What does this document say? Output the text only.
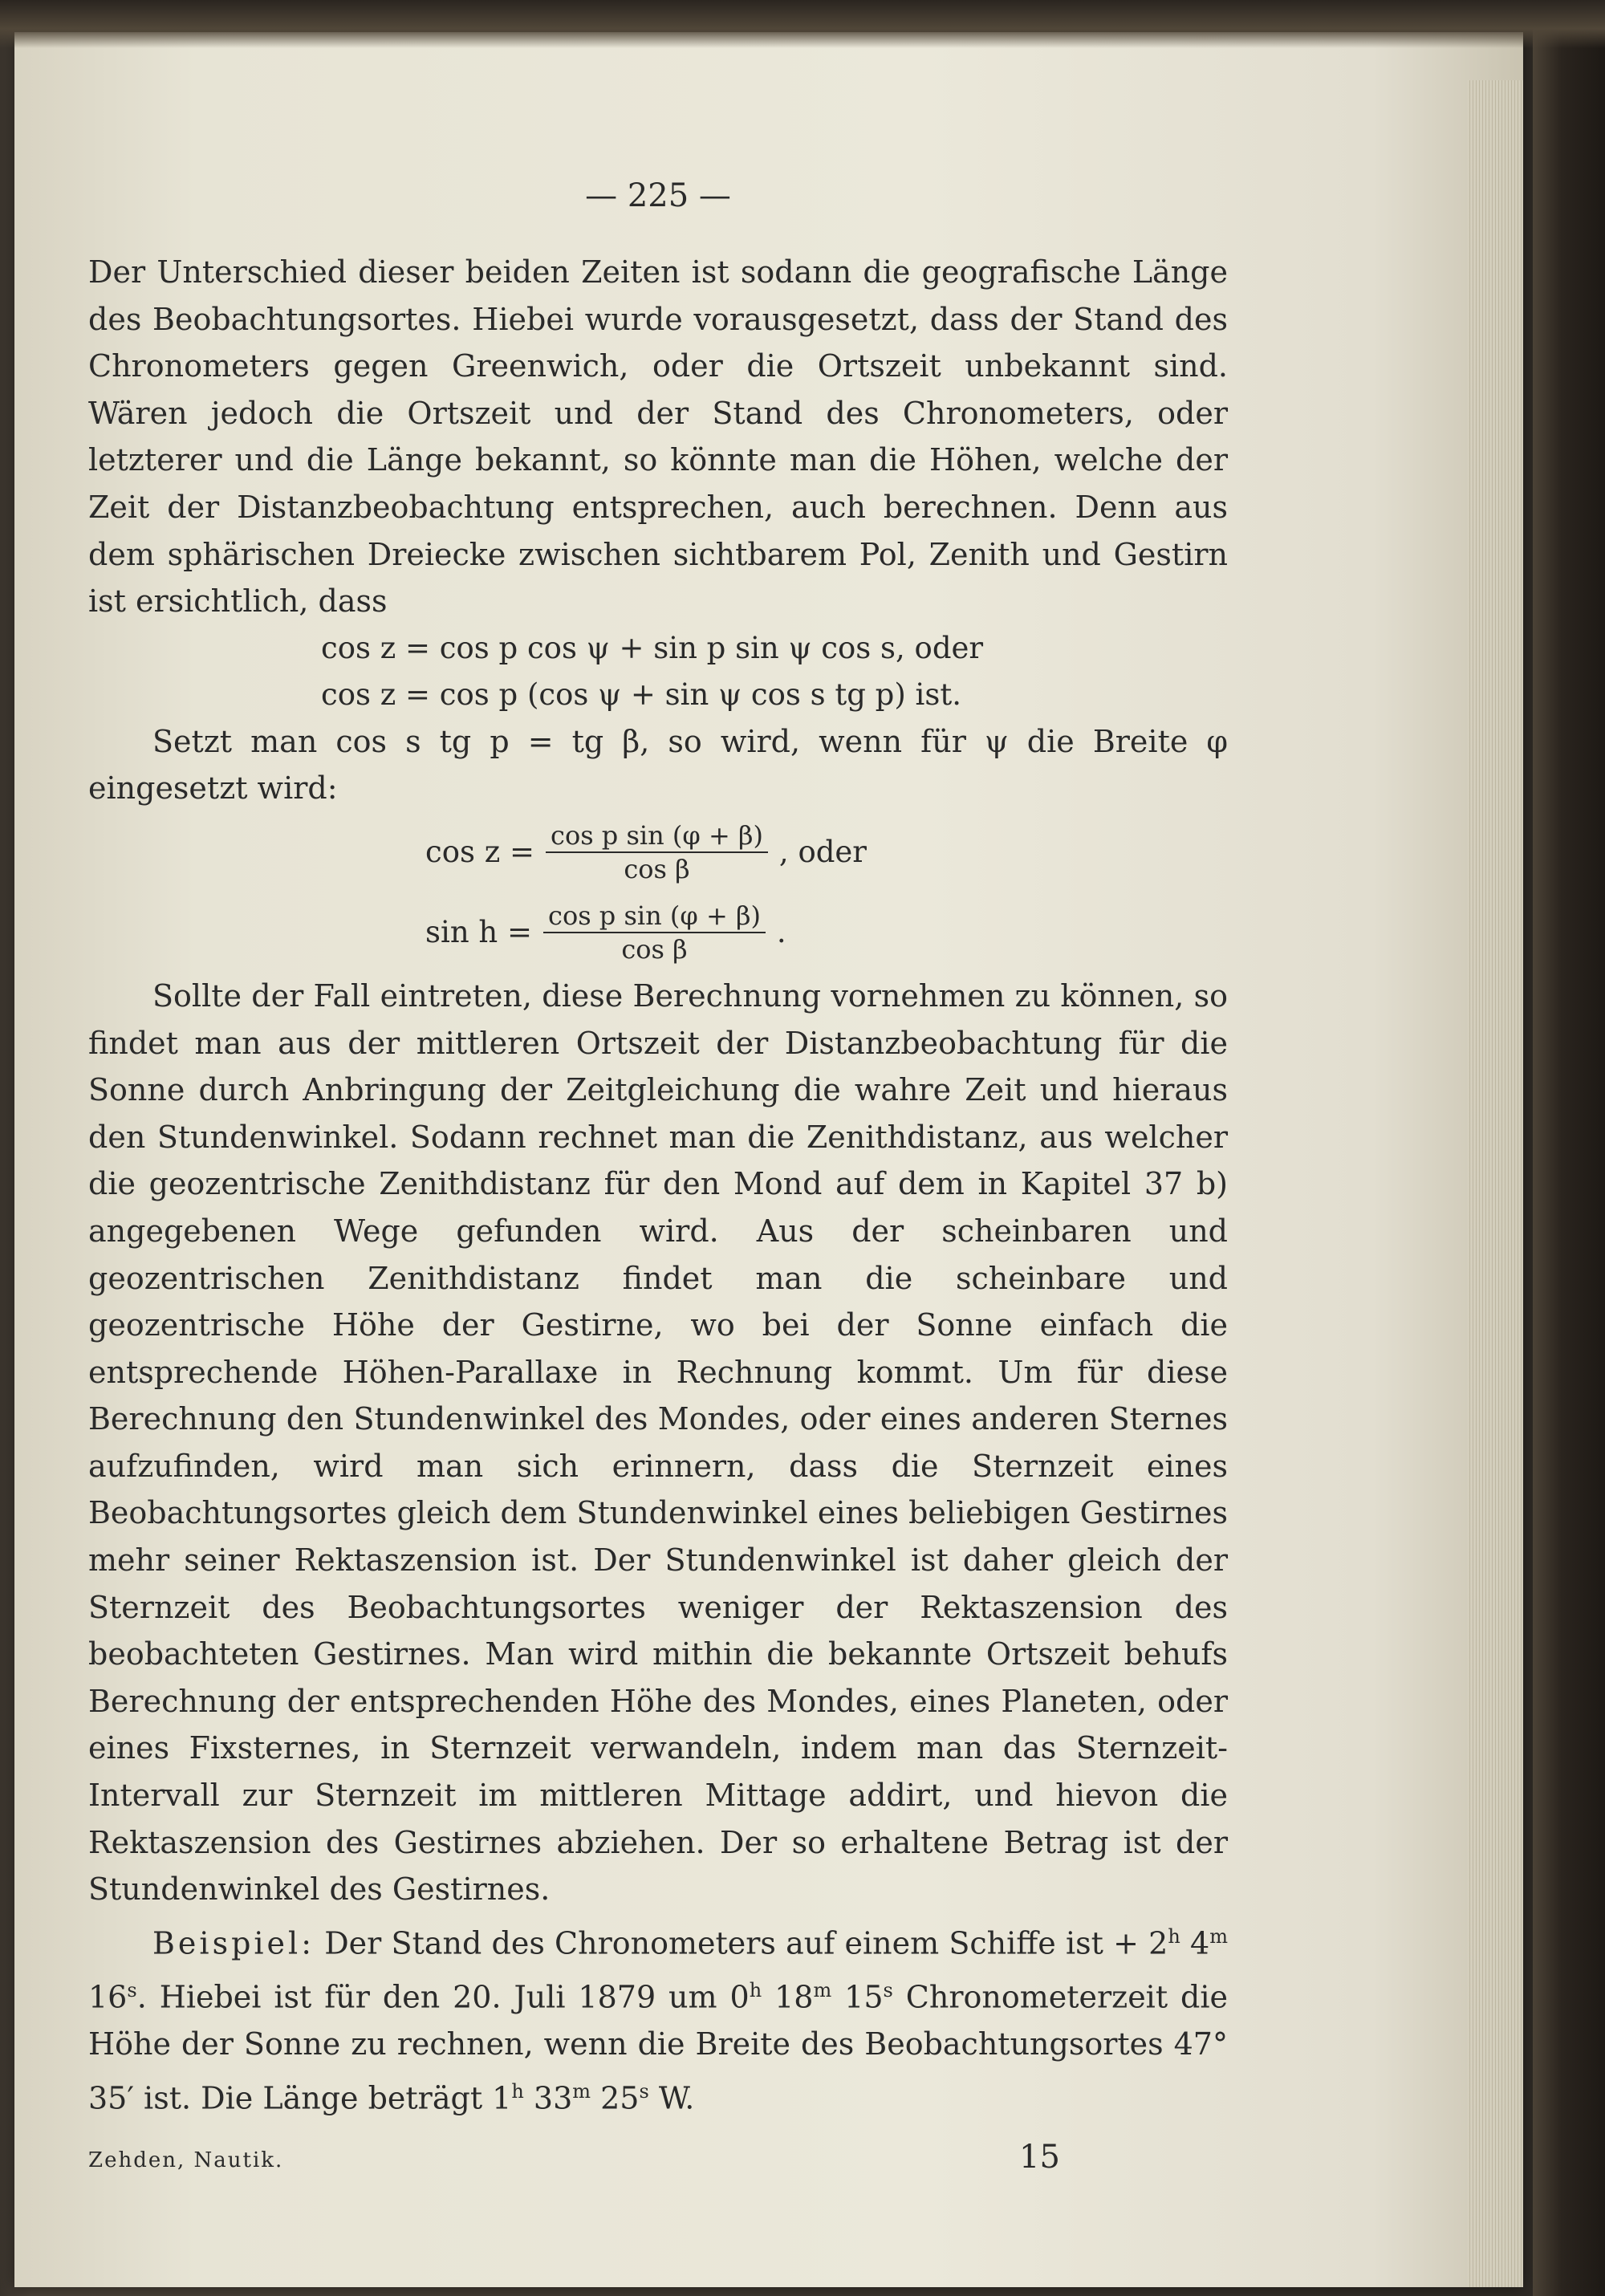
— 225 —

Der Unterschied dieser beiden Zeiten ist sodann die geografische Länge des Beobachtungsortes. Hiebei wurde vorausgesetzt, dass der Stand des Chronometers gegen Greenwich, oder die Ortszeit unbekannt sind. Wären jedoch die Ortszeit und der Stand des Chronometers, oder letzterer und die Länge bekannt, so könnte man die Höhen, welche der Zeit der Distanzbeobachtung entsprechen, auch berechnen. Denn aus dem sphärischen Dreiecke zwischen sichtbarem Pol, Zenith und Gestirn ist ersichtlich, dass

cos z = cos p cos ψ + sin p sin ψ cos s, oder
cos z = cos p (cos ψ + sin ψ cos s tg p) ist.

Setzt man cos s tg p = tg β, so wird, wenn für ψ die Breite φ eingesetzt wird:

$\cos z = \frac{\text{cos p sin (φ + β)}}{\text{cos β}}$ , oder
$\sin h = \frac{\text{cos p sin (φ + β)}}{\text{cos β}}$ .

Sollte der Fall eintreten, diese Berechnung vornehmen zu können, so findet man aus der mittleren Ortszeit der Distanzbeobachtung für die Sonne durch Anbringung der Zeitgleichung die wahre Zeit und hieraus den Stundenwinkel. Sodann rechnet man die Zenithdistanz, aus welcher die geozentrische Zenithdistanz für den Mond auf dem in Kapitel 37 b) angegebenen Wege gefunden wird. Aus der scheinbaren und geozentrischen Zenithdistanz findet man die scheinbare und geozentrische Höhe der Gestirne, wo bei der Sonne einfach die entsprechende Höhen-Parallaxe in Rechnung kommt. Um für diese Berechnung den Stundenwinkel des Mondes, oder eines anderen Sternes aufzufinden, wird man sich erinnern, dass die Sternzeit eines Beobachtungsortes gleich dem Stundenwinkel eines beliebigen Gestirnes mehr seiner Rektaszension ist. Der Stundenwinkel ist daher gleich der Sternzeit des Beobachtungsortes weniger der Rektaszension des beobachteten Gestirnes. Man wird mithin die bekannte Ortszeit behufs Berechnung der entsprechenden Höhe des Mondes, eines Planeten, oder eines Fixsternes, in Sternzeit verwandeln, indem man das Sternzeit-Intervall zur Sternzeit im mittleren Mittage addirt, und hievon die Rektaszension des Gestirnes abziehen. Der so erhaltene Betrag ist der Stundenwinkel des Gestirnes.

Beispiel: Der Stand des Chronometers auf einem Schiffe ist + $2^h$ 4$^m$ 16$^s$. Hiebei ist für den 20. Juli 1879 um 0$^h$ 18$^m$ 15$^s$ Chronometerzeit die Höhe der Sonne zu rechnen, wenn die Breite des Beobachtungsortes 47° 35′ ist. Die Länge beträgt 1$^h$ 33$^m$ 25$^s$ W.

Zehden, Nautik.	15
